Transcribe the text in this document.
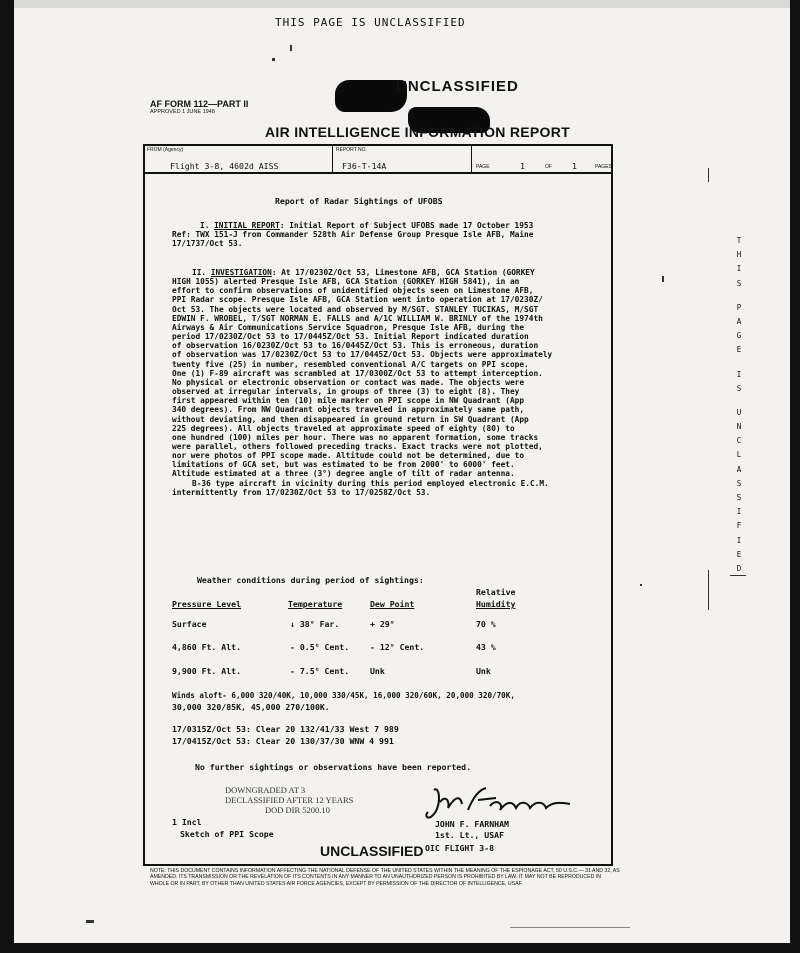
THIS PAGE IS UNCLASSIFIED
UNCLASSIFIED
AF FORM 112—PART II
APPROVED 1 JUNE 1948
AIR INTELLIGENCE INFORMATION REPORT
FROM (Agency)
Flight 3-8, 4602d AISS
REPORT NO.
F36-T-14A	PAGE	1	OF 1	PAGES
Report of Radar Sightings of UFOBS
I. INITIAL REPORT: Initial Report of Subject UFOBS made 17 October 1953
Ref: TWX 151-J from Commander 528th Air Defense Group Presque Isle AFB, Maine
17/1737/Oct 53.
II. INVESTIGATION: At 17/0230Z/Oct 53, Limestone AFB, GCA Station (GORKEY
HIGH 1055) alerted Presque Isle AFB, GCA Station (GORKEY HIGH 5841), in an
effort to confirm observations of unidentified objects seen on Limestone AFB,
PPI Radar scope. Presque Isle AFB, GCA Station went into operation at 17/0230Z/
Oct 53. The objects were located and observed by M/SGT. STANLEY TUCIKAS, M/SGT
EDWIN F. WROBEL, T/SGT NORMAN E. FALLS and A/1C WILLIAM W. BRINLY of the 1974th
Airways & Air Communications Service Squadron, Presque Isle AFB, during the
period 17/0230Z/Oct 53 to 17/0445Z/Oct 53. Initial Report indicated duration
of observation 16/0230Z/Oct 53 to 16/0445Z/Oct 53. This is erroneous, duration
of observation was 17/0230Z/Oct 53 to 17/0445Z/Oct 53. Objects were approximately
twenty five (25) in number, resembled conventional A/C targets on PPI scope.
One (1) F-89 aircraft was scrambled at 17/0300Z/Oct 53 to attempt interception.
No physical or electronic observation or contact was made. The objects were
observed at irregular intervals, in groups of three (3) to eight (8). They
first appeared within ten (10) mile marker on PPI scope in NW Quadrant (App
340 degrees). From NW Quadrant objects traveled in approximately same path,
without deviating, and then disappeared in ground return in SW Quadrant (App
225 degrees). All objects traveled at approximate speed of eighty (80) to
one hundred (100) miles per hour. There was no apparent formation, some tracks
were parallel, others followed preceding tracks. Exact tracks were not plotted,
nor were photos of PPI scope made. Altitude could not be determined, due to
limitations of GCA set, but was estimated to be from 2000' to 6000' feet.
Altitude estimated at a three (3°) degree angle of tilt of radar antenna.
B-36 type aircraft in vicinity during this period employed electronic E.C.M.
intermittently from 17/0230Z/Oct 53 to 17/0258Z/Oct 53.
Weather conditions during period of sightings:
Relative
Pressure Level	Temperature	Dew Point	Humidity
Surface	↓ 38° Far.	+ 29°	70 %
4,860 Ft. Alt.	- 0.5° Cent.	- 12° Cent.	43 %
9,900 Ft. Alt.	- 7.5° Cent.	Unk	Unk
Winds aloft- 6,000 320/40K, 10,000 330/45K, 16,000 320/60K, 20,000 320/70K,
30,000 320/85K, 45,000 270/100K.
17/0315Z/Oct 53: Clear 20 132/41/33 West 7 989
17/0415Z/Oct 53: Clear 20 130/37/30 WNW 4 991
No further sightings or observations have been reported.
DOWNGRADED AT 3
DECLASSIFIED AFTER 12 YEARS
DOD DIR 5200.10
1 Incl
Sketch of PPI Scope
JOHN F. FARNHAM
1st. Lt., USAF
OIC FLIGHT 3-8
UNCLASSIFIED
NOTE: THIS DOCUMENT CONTAINS INFORMATION AFFECTING THE NATIONAL DEFENSE OF THE UNITED STATES WITHIN THE MEANING OF THE ESPIONAGE ACT, 50 U.S.C.— 31 AND 32, AS AMENDED. ITS TRANSMISSION OR THE REVELATION OF ITS CONTENTS IN ANY MANNER TO AN UNAUTHORIZED PERSON IS PROHIBITED BY LAW. IT MAY NOT BE REPRODUCED IN WHOLE OR IN PART, BY OTHER THAN UNITED STATES AIR FORCE AGENCIES, EXCEPT BY PERMISSION OF THE DIRECTOR OF INTELLIGENCE, USAF.
T
H
I
S
P
A
G
E
I
S
U
N
C
L
A
S
S
I
F
I
E
D
